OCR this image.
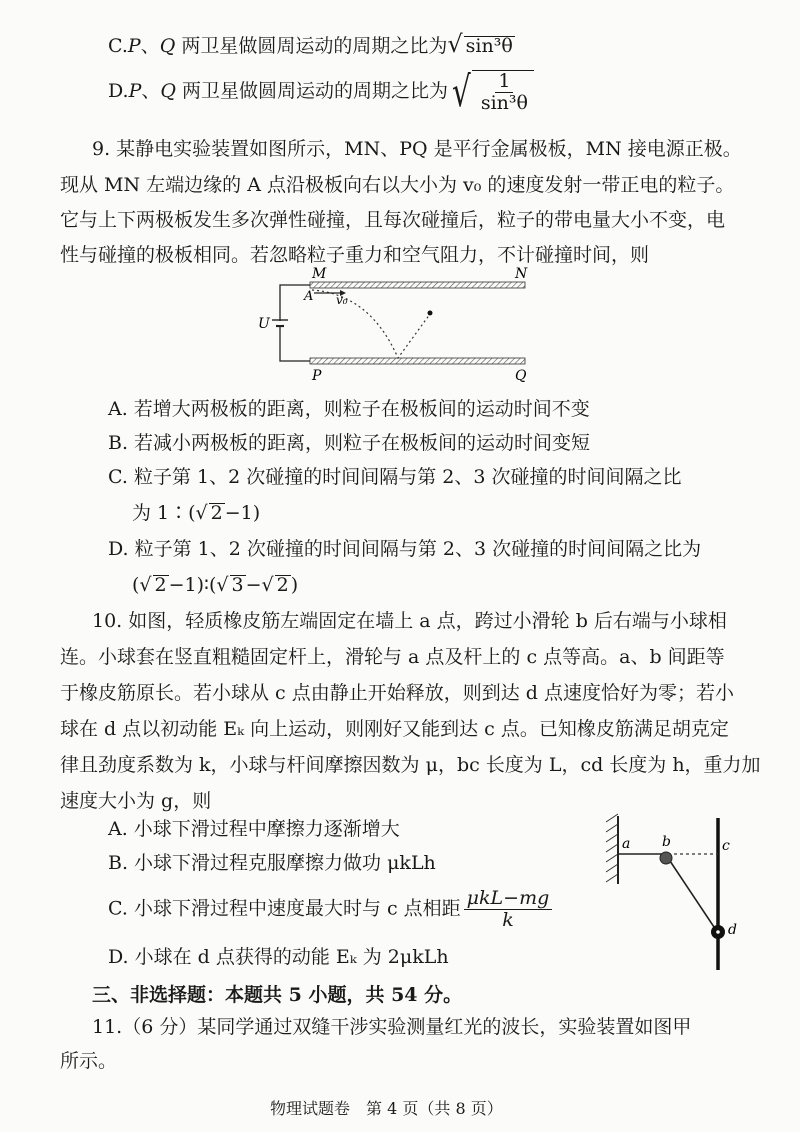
C.P、Q 两卫星做圆周运动的周期之比为√ sin³θ
D.P、Q 两卫星做圆周运动的周期之比为 √ $\frac{1}{\text{sin³θ}}$
9. 某静电实验装置如图所示，MN、PQ 是平行金属极板，MN 接电源正极。
现从 MN 左端边缘的 A 点沿极板向右以大小为 v₀ 的速度发射一带正电的粒子。
它与上下两极板发生多次弹性碰撞，且每次碰撞后，粒子的带电量大小不变，电
性与碰撞的极板相同。若忽略粒子重力和空气阻力，不计碰撞时间，则
M	N
A v₀
U
P	Q
A. 若增大两极板的距离，则粒子在极板间的运动时间不变
B. 若减小两极板的距离，则粒子在极板间的运动时间变短
C. 粒子第 1、2 次碰撞的时间间隔与第 2、3 次碰撞的时间间隔之比
为 1∶(√ 2 −1)
D. 粒子第 1、2 次碰撞的时间间隔与第 2、3 次碰撞的时间间隔之比为
(√ 2 −1)∶(√ 3 −√ 2 )
10. 如图，轻质橡皮筋左端固定在墙上 a 点，跨过小滑轮 b 后右端与小球相
连。小球套在竖直粗糙固定杆上，滑轮与 a 点及杆上的 c 点等高。a、b 间距等
于橡皮筋原长。若小球从 c 点由静止开始释放，则到达 d 点速度恰好为零；若小
球在 d 点以初动能 Eₖ 向上运动，则刚好又能到达 c 点。已知橡皮筋满足胡克定
律且劲度系数为 k，小球与杆间摩擦因数为 μ，bc 长度为 L，cd 长度为 h，重力加
速度大小为 g，则
A. 小球下滑过程中摩擦力逐渐增大
B. 小球下滑过程克服摩擦力做功 μkLh
C. 小球下滑过程中速度最大时与 c 点相距 $\frac{\text{μkL−mg}}{k}$
D. 小球在 d 点获得的动能 Eₖ 为 2μkLh
a b	c
d
三、非选择题：本题共 5 小题，共 54 分。
11.（6 分）某同学通过双缝干涉实验测量红光的波长，实验装置如图甲
所示。
物理试题卷　第 4 页（共 8 页）
